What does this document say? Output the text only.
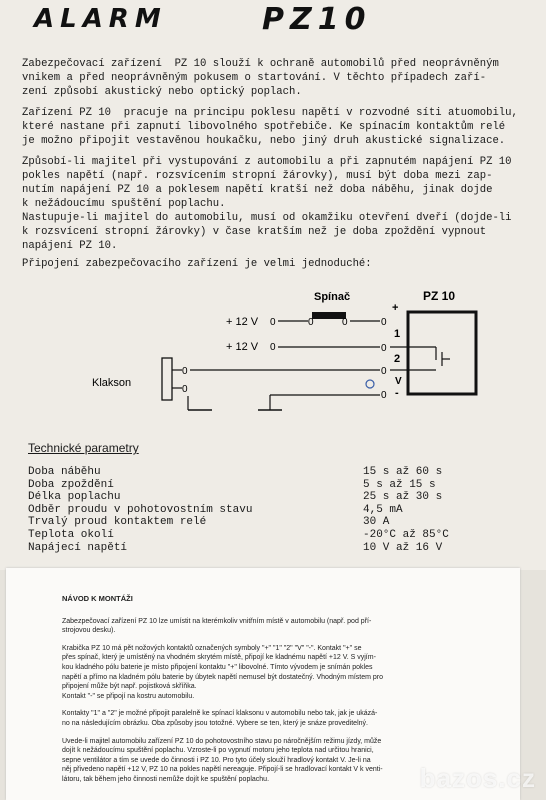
ALARM	PZ10
Zabezpečovací zařízení  PZ 10 slouží k ochraně automobilů před neoprávněným
vnikem a před neoprávněným pokusem o startování. V těchto případech zaří-
zení způsobí akustický nebo optický poplach.
Zařízení PZ 10  pracuje na principu poklesu napětí v rozvodné síti atuomobilu,
které nastane při zapnutí libovolného spotřebiče. Ke spínacím kontaktům relé
je možno připojit vestavěnou houkačku, nebo jiný druh akustické signalizace.
Způsobí-li majitel při vystupování z automobilu a při zapnutém napájení PZ 10
pokles napětí (např. rozsvícením stropní žárovky), musí být doba mezi zap-
nutím napájení PZ 10 a poklesem napětí kratší než doba náběhu, jinak dojde
k nežádoucímu spuštění poplachu.
Nastupuje-li majitel do automobilu, musí od okamžiku otevření dveří (dojde-li
k rozsvícení stropní žárovky) v čase kratším než je doba zpoždění vypnout
napájení PZ 10.
Připojení zabezpečovacího zařízení je velmi jednoduché:
Spínač	PZ 10
+
1
2
V
-
+ 12 V 0	0	0	0
+ 12 V 0	0
Klakson
0	0
0
0
Technické parametry
Doba náběhu	15 s až 60 s
Doba zpoždění	5 s až 15 s
Délka poplachu	25 s až 30 s
Odběr proudu v pohotovostním stavu	4,5 mA
Trvalý proud kontaktem relé	30 A
Teplota okolí	-20°C až 85°C
Napájecí napětí	10 V až 16 V
NÁVOD K MONTÁŽI

Zabezpečovací zařízení PZ 10 lze umístit na kterémkoliv vnitřním místě v automobilu (např. pod pří-
strojovou desku).

Krabička PZ 10 má pět nožových kontaktů označených symboly "+" "1" "2" "V" "-". Kontakt "+" se
přes spínač, který je umístěný na vhodném skrytém místě, připojí ke kladnému napětí +12 V. S vyjím-
kou kladného pólu baterie je místo připojení kontaktu "+" libovolné. Tímto vývodem je snímán pokles
napětí a přímo na kladném pólu baterie by úbytek napětí nemusel být dostatečný. Vhodným místem pro
připojení může být např. pojistková skříňka.
Kontakt "-" se připojí na kostru automobilu.

Kontakty "1" a "2" je možné připojit paralelně ke spínací klaksonu v automobilu nebo tak, jak je ukázá-
no na následujícím obrázku. Oba způsoby jsou totožné. Vybere se ten, který je snáze proveditelný.

Uvede-li majitel automobilu zařízení PZ 10 do pohotovostního stavu po náročnějším režimu jízdy, může
dojít k nežádoucímu spuštění poplachu. Vzroste-li po vypnutí motoru jeho teplota nad určitou hranici,
sepne ventilátor a tím se uvede do činnosti i PZ 10. Pro tyto účely slouží hradlový kontakt V. Je-li na
něj přivedeno napětí +12 V, PZ 10 na pokles napětí nereaguje. Připojí-li se hradlovací kontakt V k venti-
látoru, tak během jeho činnosti nemůže dojít ke spuštění poplachu.	bazos.cz
